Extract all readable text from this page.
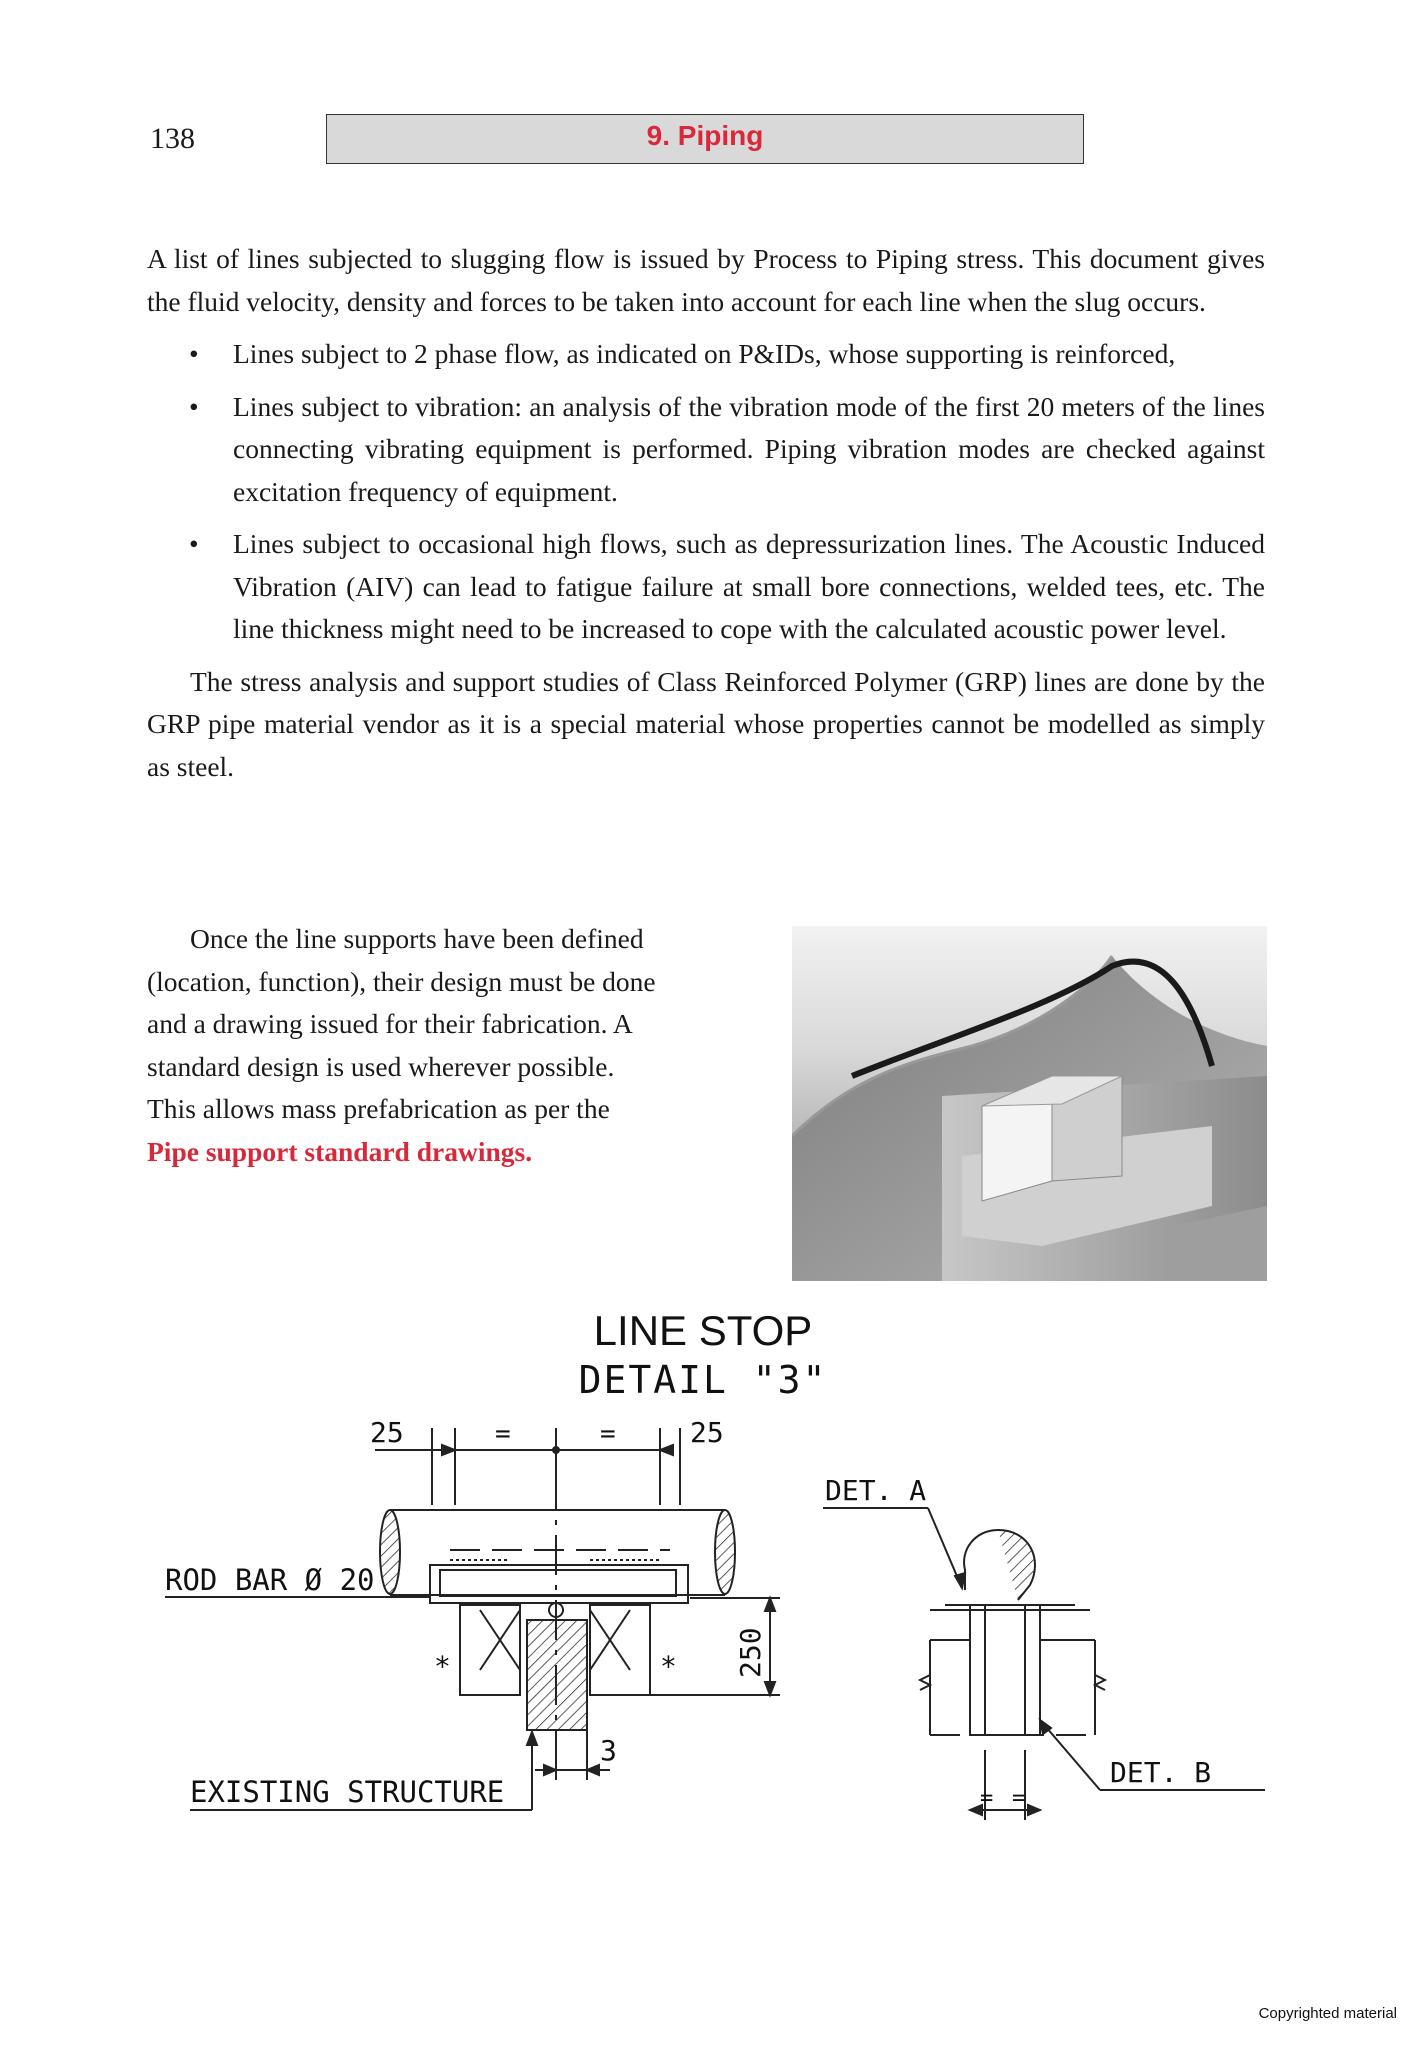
138	9. Piping

A list of lines subjected to slugging flow is issued by Process to Piping stress. This document gives the fluid velocity, density and forces to be taken into account for each line when the slug occurs.

• Lines subject to 2 phase flow, as indicated on P&IDs, whose supporting is reinforced,
• Lines subject to vibration: an analysis of the vibration mode of the first 20 meters of the lines connecting vibrating equipment is performed. Piping vibration modes are checked against excitation frequency of equipment.
• Lines subject to occasional high flows, such as depressurization lines. The Acoustic Induced Vibration (AIV) can lead to fatigue failure at small bore connections, welded tees, etc. The line thickness might need to be increased to cope with the calculated acoustic power level.

The stress analysis and support studies of Class Reinforced Polymer (GRP) lines are done by the GRP pipe material vendor as it is a special material whose properties cannot be modelled as simply as steel.

Once the line supports have been defined (location, function), their design must be done and a drawing issued for their fabrication. A standard design is used wherever possible. This allows mass prefabrication as per the Pipe support standard drawings.
LINE STOP
DETAIL "3"
25	=	=	25
*	* 250
ROD BAR Ø 20
EXISTING STRUCTURE
3
DET. A
= =
DET. B
Copyrighted material
